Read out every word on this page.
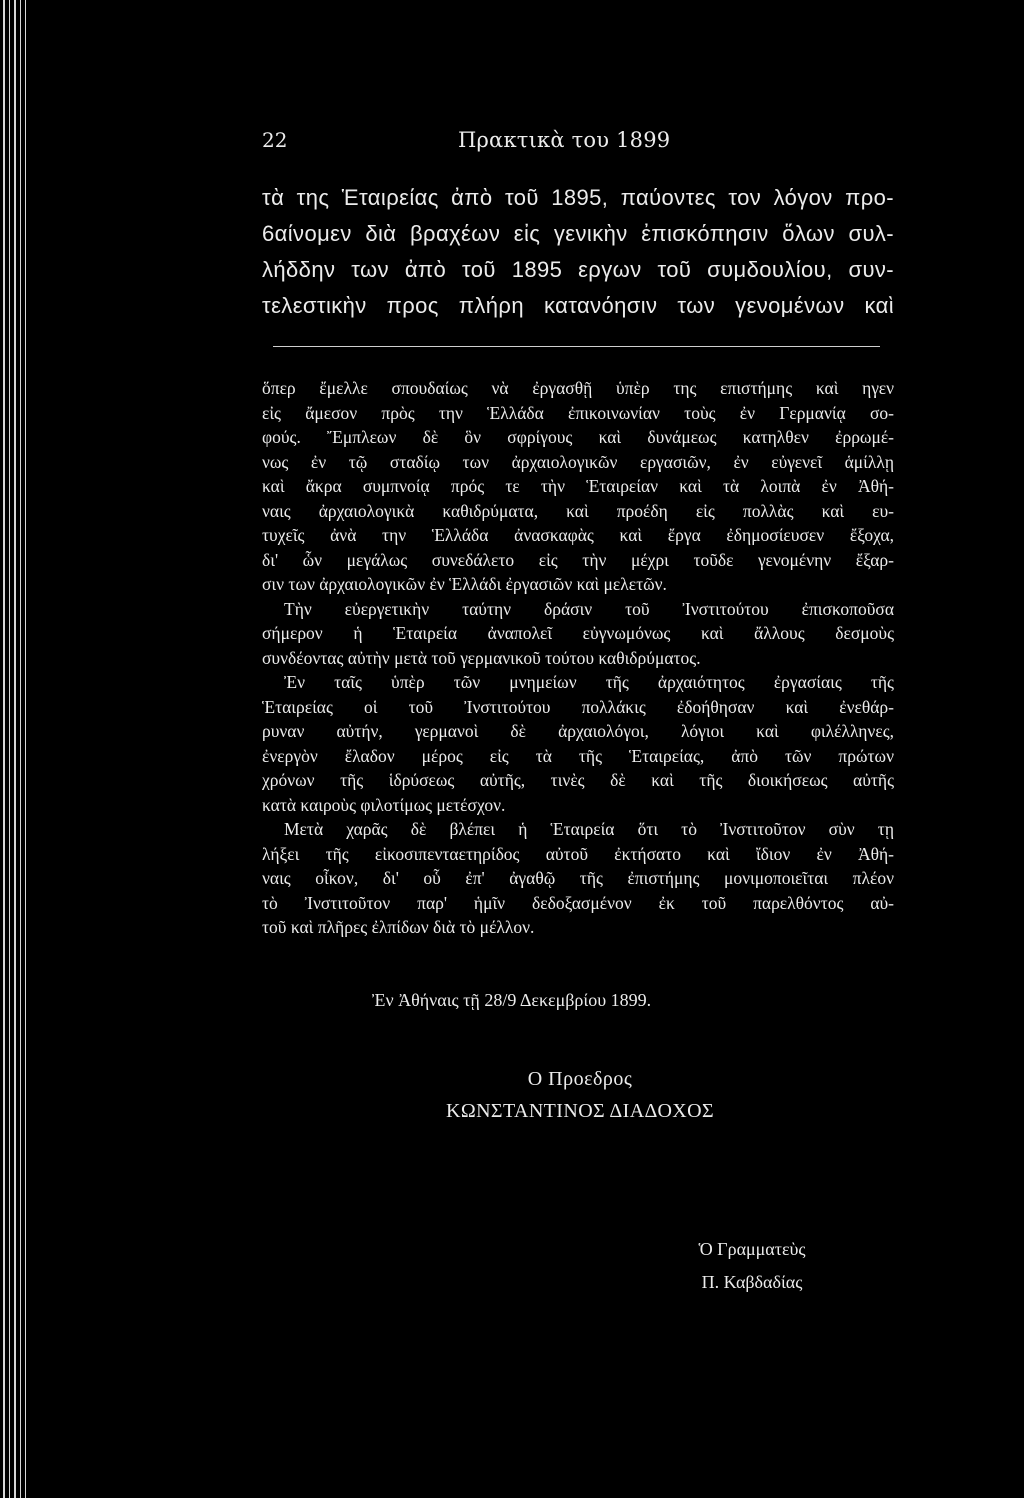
22	Πρακτικὰ του 1899
τὰ της Ἑταιρείας ἀπὸ τοῦ 1895, παύοντες τον λόγον προ-
6αίνομεν διὰ βραχέων εἰς γενικὴν ἐπισκόπησιν ὅλων συλ-
λήδδην των ἀπὸ τοῦ 1895 εργων τοῦ συμδουλίου, συν-
τελεστικὴν προς πλήρη κατανόησιν των γενομένων καὶ
ὅπερ ἔμελλε σπουδαίως νὰ ἐργασθῇ ὑπὲρ της επιστήμης καὶ ηγεν
εἰς ἄμεσον πρὸς την Ἑλλάδα ἐπικοινωνίαν τοὺς ἐν Γερμανίᾳ σο-
φούς. Ἔμπλεων δὲ ὃν σφρίγους καὶ δυνάμεως κατηλθεν ἐρρωμέ-
νως ἐν τῷ σταδίῳ των ἀρχαιολογικῶν εργασιῶν, ἐν εὐγενεῖ ἁμίλλῃ
καὶ ἄκρα συμπνοίᾳ πρός τε τὴν Ἑταιρείαν καὶ τὰ λοιπὰ ἐν Ἀθή-
ναις ἀρχαιολογικὰ καθιδρύματα, καὶ προέδη εἰς πολλὰς καὶ ευ-
τυχεῖς ἀνὰ την Ἑλλάδα ἀνασκαφὰς καὶ ἔργα ἐδημοσίευσεν ἔξοχα,
δι' ὧν μεγάλως συνεδάλετο εἰς τὴν μέχρι τοῦδε γενομένην ἔξαρ-
σιν των ἀρχαιολογικῶν ἐν Ἑλλάδι ἐργασιῶν καὶ μελετῶν.
Τὴν εὐεργετικὴν ταύτην δράσιν τοῦ Ἰνστιτούτου ἐπισκοποῦσα
σήμερον ἡ Ἑταιρεία ἀναπολεῖ εὐγνωμόνως καὶ ἄλλους δεσμοὺς
συνδέοντας αὐτὴν μετὰ τοῦ γερμανικοῦ τούτου καθιδρύματος.
Ἐν ταῖς ὑπὲρ τῶν μνημείων τῆς ἀρχαιότητος ἐργασίαις τῆς
Ἑταιρείας οἱ τοῦ Ἰνστιτούτου πολλάκις ἐδοήθησαν καὶ ἐνεθάρ-
ρυναν αὐτήν, γερμανοὶ δὲ ἀρχαιολόγοι, λόγιοι καὶ φιλέλληνες,
ἐνεργὸν ἔλαδον μέρος εἰς τὰ τῆς Ἑταιρείας, ἀπὸ τῶν πρώτων
χρόνων τῆς ἱδρύσεως αὐτῆς, τινὲς δὲ καὶ τῆς διοικήσεως αὐτῆς
κατὰ καιροὺς φιλοτίμως μετέσχον.
Μετὰ χαρᾶς δὲ βλέπει ἡ Ἑταιρεία ὅτι τὸ Ἰνστιτοῦτον σὺν τῃ
λήξει τῆς εἰκοσιπενταετηρίδος αὐτοῦ ἐκτήσατο καὶ ἴδιον ἐν Ἀθή-
ναις οἶκον, δι' οὗ ἐπ' ἀγαθῷ τῆς ἐπιστήμης μονιμοποιεῖται πλέον
τὸ Ἰνστιτοῦτον παρ' ἡμῖν δεδοξασμένον ἐκ τοῦ παρελθόντος αὐ-
τοῦ καὶ πλῆρες ἐλπίδων διὰ τὸ μέλλον.
Ἐν Ἀθήναις τῇ 28/9 Δεκεμβρίου 1899.
Ο Προεδρος
ΚΩΝΣΤΑΝΤΙΝΟΣ ΔΙΑΔΟΧΟΣ
Ὁ Γραμματεὺς
Π. Καβδαδίας
